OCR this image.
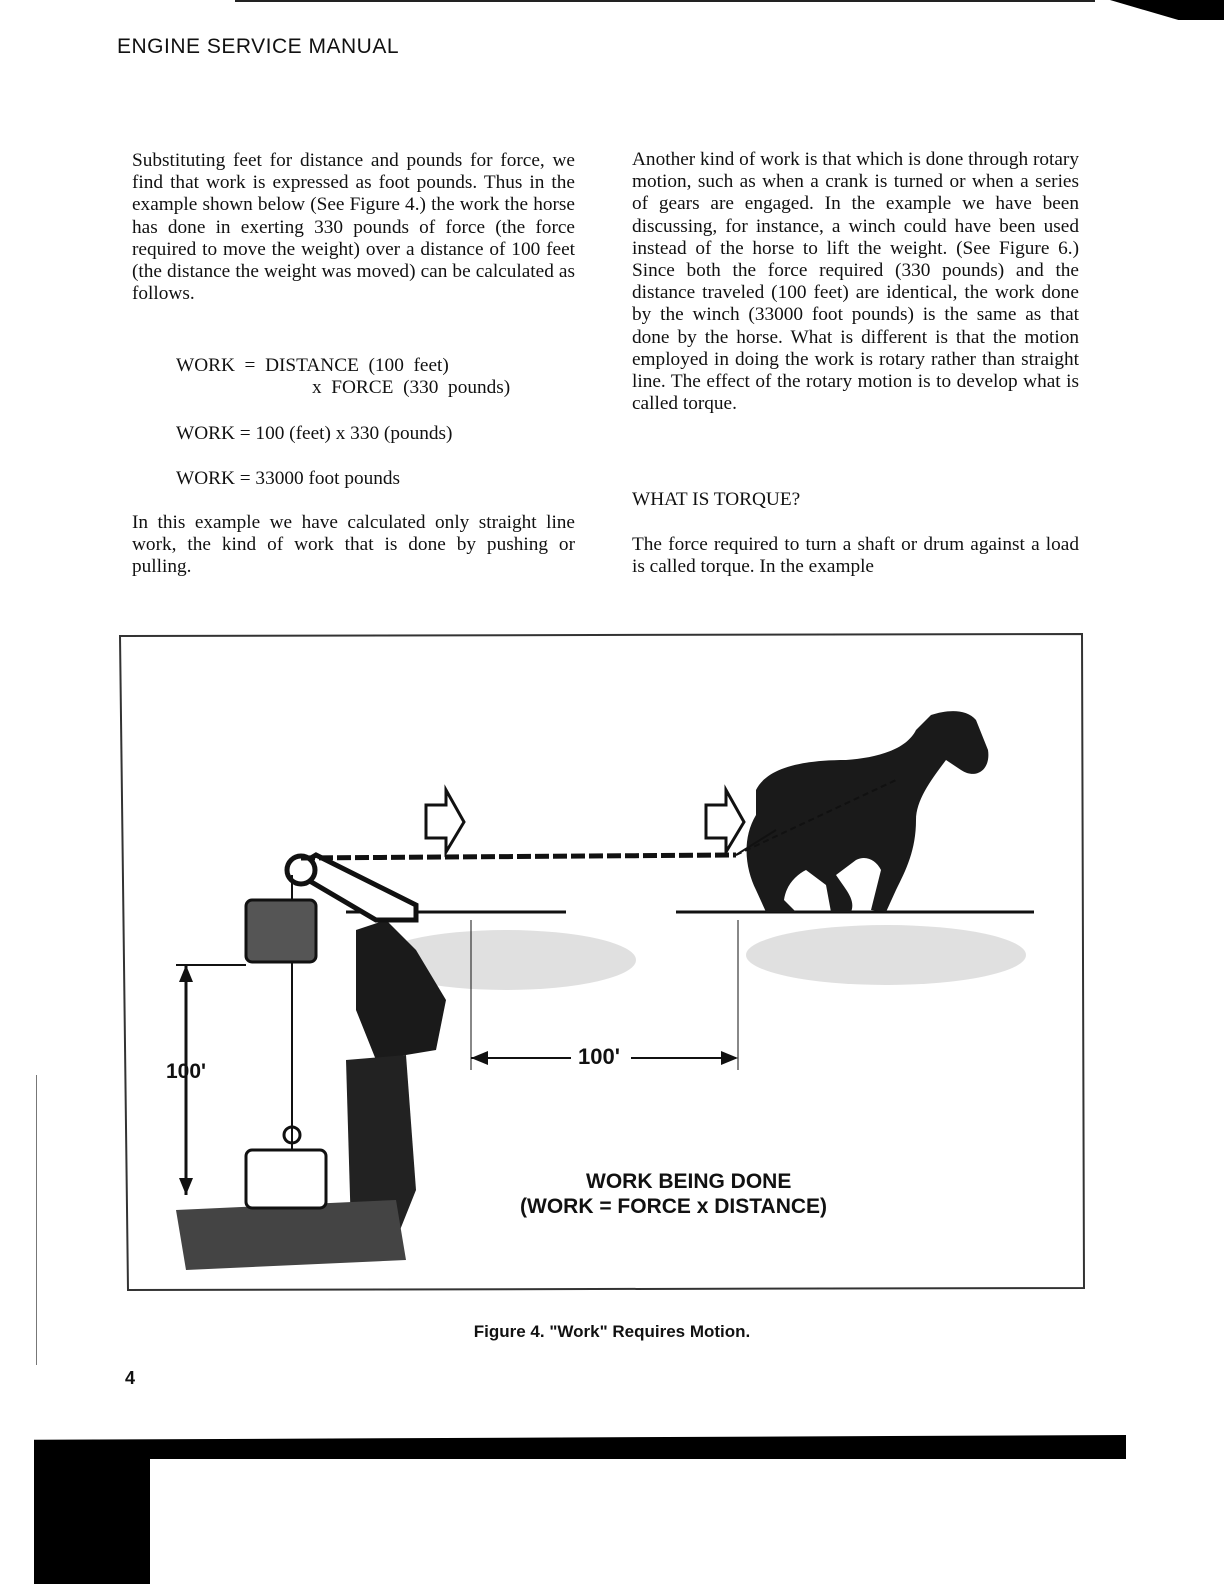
ENGINE SERVICE MANUAL

Substituting feet for distance and pounds for force, we find that work is expressed as foot pounds. Thus in the example shown below (See Figure 4.) the work the horse has done in exerting 330 pounds of force (the force required to move the weight) over a distance of 100 feet (the distance the weight was moved) can be calculated as follows.

WORK  =  DISTANCE  (100  feet)
x  FORCE  (330  pounds)
WORK = 100 (feet) x 330 (pounds)
WORK = 33000 foot pounds

In this example we have calculated only straight line work, the kind of work that is done by pushing or pulling.

Another kind of work is that which is done through rotary motion, such as when a crank is turned or when a series of gears are engaged. In the example we have been discussing, for instance, a winch could have been used instead of the horse to lift the weight. (See Figure 6.) Since both the force required (330 pounds) and the distance traveled (100 feet) are identical, the work done by the winch (33000 foot pounds) is the same as that done by the horse. What is different is that the motion employed in doing the work is rotary rather than straight line. The effect of the rotary motion is to develop what is called torque.

WHAT IS TORQUE?

The force required to turn a shaft or drum against a load is called torque. In the example

100'
100'
WORK BEING DONE
(WORK = FORCE x DISTANCE)
Figure 4. "Work" Requires Motion.
4
